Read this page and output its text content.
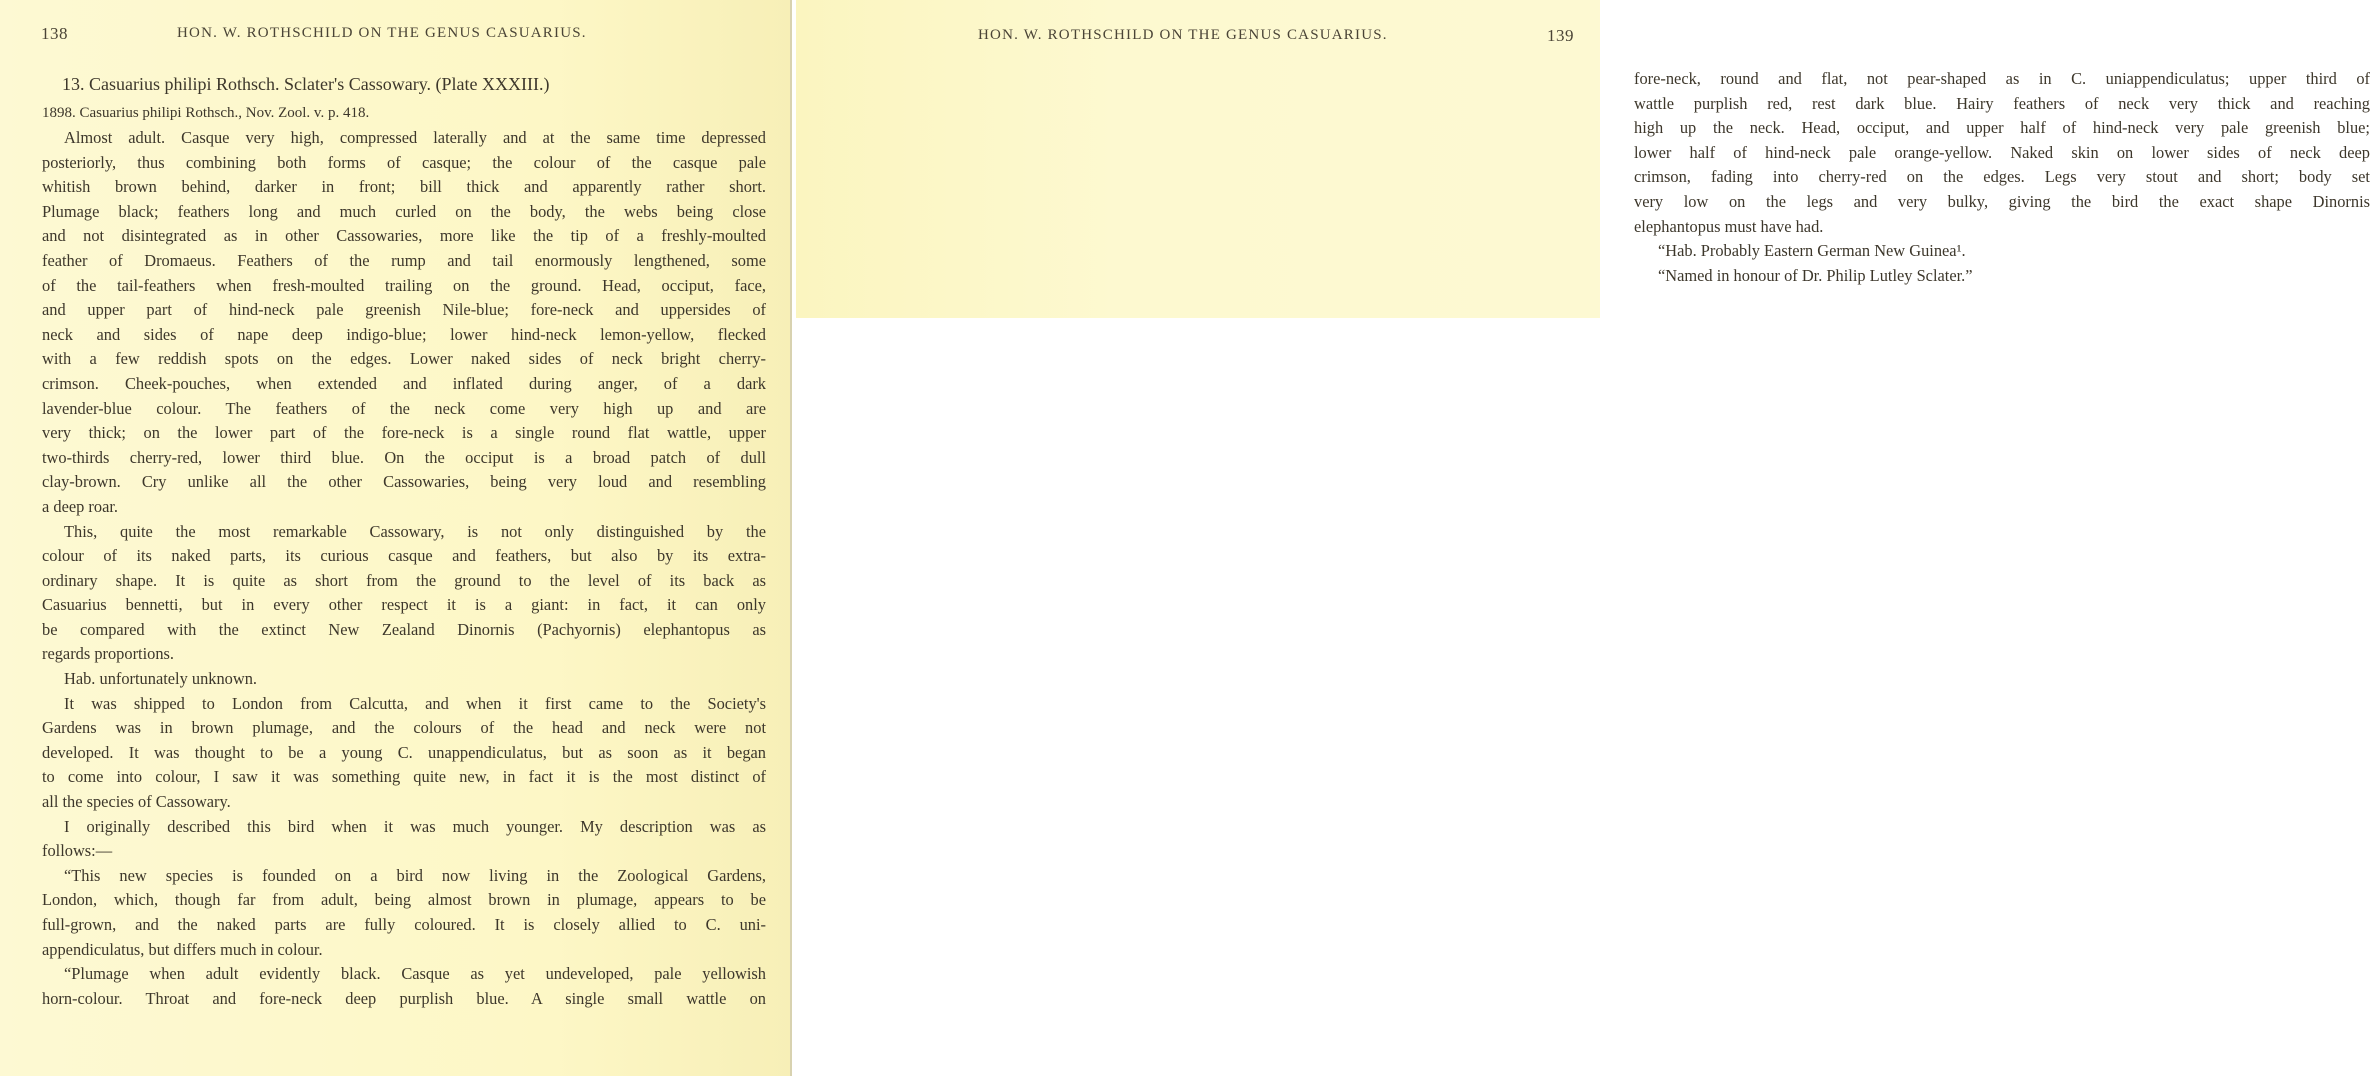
138	HON. W. ROTHSCHILD ON THE GENUS CASUARIUS.
13. Casuarius philipi Rothsch. Sclater's Cassowary. (Plate XXXIII.)
1898. Casuarius philipi Rothsch., Nov. Zool. v. p. 418.
Almost adult. Casque very high, compressed laterally and at the same time depressed
posteriorly, thus combining both forms of casque; the colour of the casque pale
whitish brown behind, darker in front; bill thick and apparently rather short.
Plumage black; feathers long and much curled on the body, the webs being close
and not disintegrated as in other Cassowaries, more like the tip of a freshly-moulted
feather of Dromaeus. Feathers of the rump and tail enormously lengthened, some
of the tail-feathers when fresh-moulted trailing on the ground. Head, occiput, face,
and upper part of hind-neck pale greenish Nile-blue; fore-neck and uppersides of
neck and sides of nape deep indigo-blue; lower hind-neck lemon-yellow, flecked
with a few reddish spots on the edges. Lower naked sides of neck bright cherry-
crimson. Cheek-pouches, when extended and inflated during anger, of a dark
lavender-blue colour. The feathers of the neck come very high up and are
very thick; on the lower part of the fore-neck is a single round flat wattle, upper
two-thirds cherry-red, lower third blue. On the occiput is a broad patch of dull
clay-brown. Cry unlike all the other Cassowaries, being very loud and resembling
a deep roar.
This, quite the most remarkable Cassowary, is not only distinguished by the
colour of its naked parts, its curious casque and feathers, but also by its extra-
ordinary shape. It is quite as short from the ground to the level of its back as
Casuarius bennetti, but in every other respect it is a giant: in fact, it can only
be compared with the extinct New Zealand Dinornis (Pachyornis) elephantopus as
regards proportions.
Hab. unfortunately unknown.
It was shipped to London from Calcutta, and when it first came to the Society's
Gardens was in brown plumage, and the colours of the head and neck were not
developed. It was thought to be a young C. unappendiculatus, but as soon as it began
to come into colour, I saw it was something quite new, in fact it is the most distinct of
all the species of Cassowary.
I originally described this bird when it was much younger. My description was as
follows:—
“This new species is founded on a bird now living in the Zoological Gardens,
London, which, though far from adult, being almost brown in plumage, appears to be
full-grown, and the naked parts are fully coloured. It is closely allied to C. uni-
appendiculatus, but differs much in colour.
“Plumage when adult evidently black. Casque as yet undeveloped, pale yellowish
horn-colour. Throat and fore-neck deep purplish blue. A single small wattle on
HON. W. ROTHSCHILD ON THE GENUS CASUARIUS.	139
fore-neck, round and flat, not pear-shaped as in C. uniappendiculatus; upper third of
wattle purplish red, rest dark blue. Hairy feathers of neck very thick and reaching
high up the neck. Head, occiput, and upper half of hind-neck very pale greenish blue;
lower half of hind-neck pale orange-yellow. Naked skin on lower sides of neck deep
crimson, fading into cherry-red on the edges. Legs very stout and short; body set
very low on the legs and very bulky, giving the bird the exact shape Dinornis
elephantopus must have had.
“Hab. Probably Eastern German New Guinea¹.
“Named in honour of Dr. Philip Lutley Sclater.”
